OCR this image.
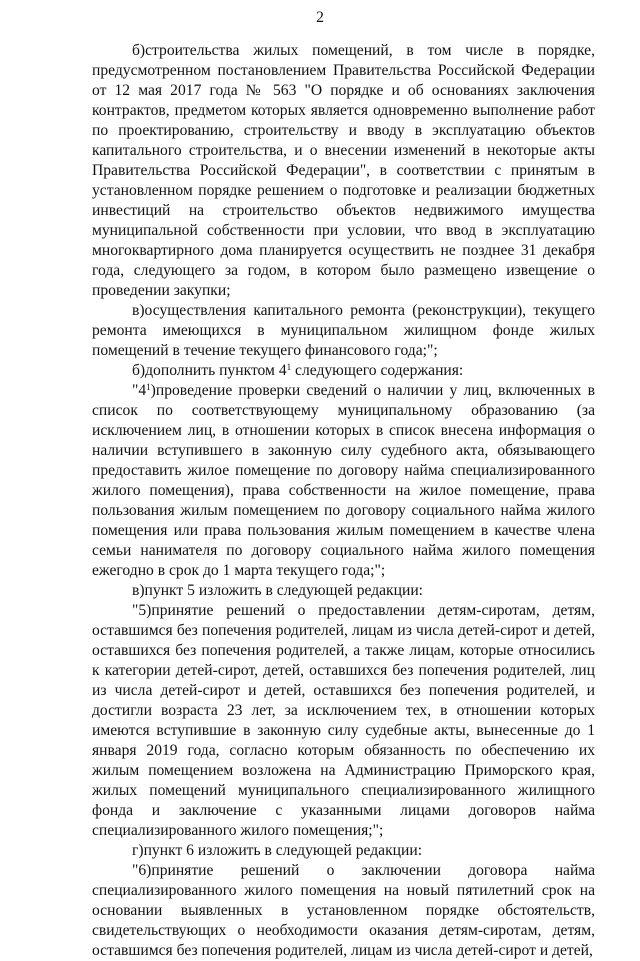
2

б)строительства жилых помещений, в том числе в порядке, предусмотренном постановлением Правительства Российской Федерации от 12 мая 2017 года № 563 "О порядке и об основаниях заключения контрактов, предметом которых является одновременно выполнение работ по проектированию, строительству и вводу в эксплуатацию объектов капитального строительства, и о внесении изменений в некоторые акты Правительства Российской Федерации", в соответствии с принятым в установленном порядке решением о подготовке и реализации бюджетных инвестиций на строительство объектов недвижимого имущества муниципальной собственности при условии, что ввод в эксплуатацию многоквартирного дома планируется осуществить не позднее 31 декабря года, следующего за годом, в котором было размещено извещение о проведении закупки;

в)осуществления капитального ремонта (реконструкции), текущего ремонта имеющихся в муниципальном жилищном фонде жилых помещений в течение текущего финансового года;";

б)дополнить пунктом $4^1$ следующего содержания:

"$4^1)проведение$ проверки сведений о наличии у лиц, включенных в список по соответствующему муниципальному образованию (за исключением лиц, в отношении которых в список внесена информация о наличии вступившего в законную силу судебного акта, обязывающего предоставить жилое помещение по договору найма специализированного жилого помещения), права собственности на жилое помещение, права пользования жилым помещением по договору социального найма жилого помещения или права пользования жилым помещением в качестве члена семьи нанимателя по договору социального найма жилого помещения ежегодно в срок до 1 марта текущего года;";

в)пункт 5 изложить в следующей редакции:

"5)принятие решений о предоставлении детям-сиротам, детям, оставшимся без попечения родителей, лицам из числа детей-сирот и детей, оставшихся без попечения родителей, а также лицам, которые относились к категории детей-сирот, детей, оставшихся без попечения родителей, лиц из числа детей-сирот и детей, оставшихся без попечения родителей, и достигли возраста 23 лет, за исключением тех, в отношении которых имеются вступившие в законную силу судебные акты, вынесенные до 1 января 2019 года, согласно которым обязанность по обеспечению их жилым помещением возложена на Администрацию Приморского края, жилых помещений муниципального специализированного жилищного фонда и заключение с указанными лицами договоров найма специализированного жилого помещения;";

г)пункт 6 изложить в следующей редакции:

"6)принятие решений о заключении договора найма специализированного жилого помещения на новый пятилетний срок на основании выявленных в установленном порядке обстоятельств, свидетельствующих о необходимости оказания детям-сиротам, детям, оставшимся без попечения родителей, лицам из числа детей-сирот и детей,
